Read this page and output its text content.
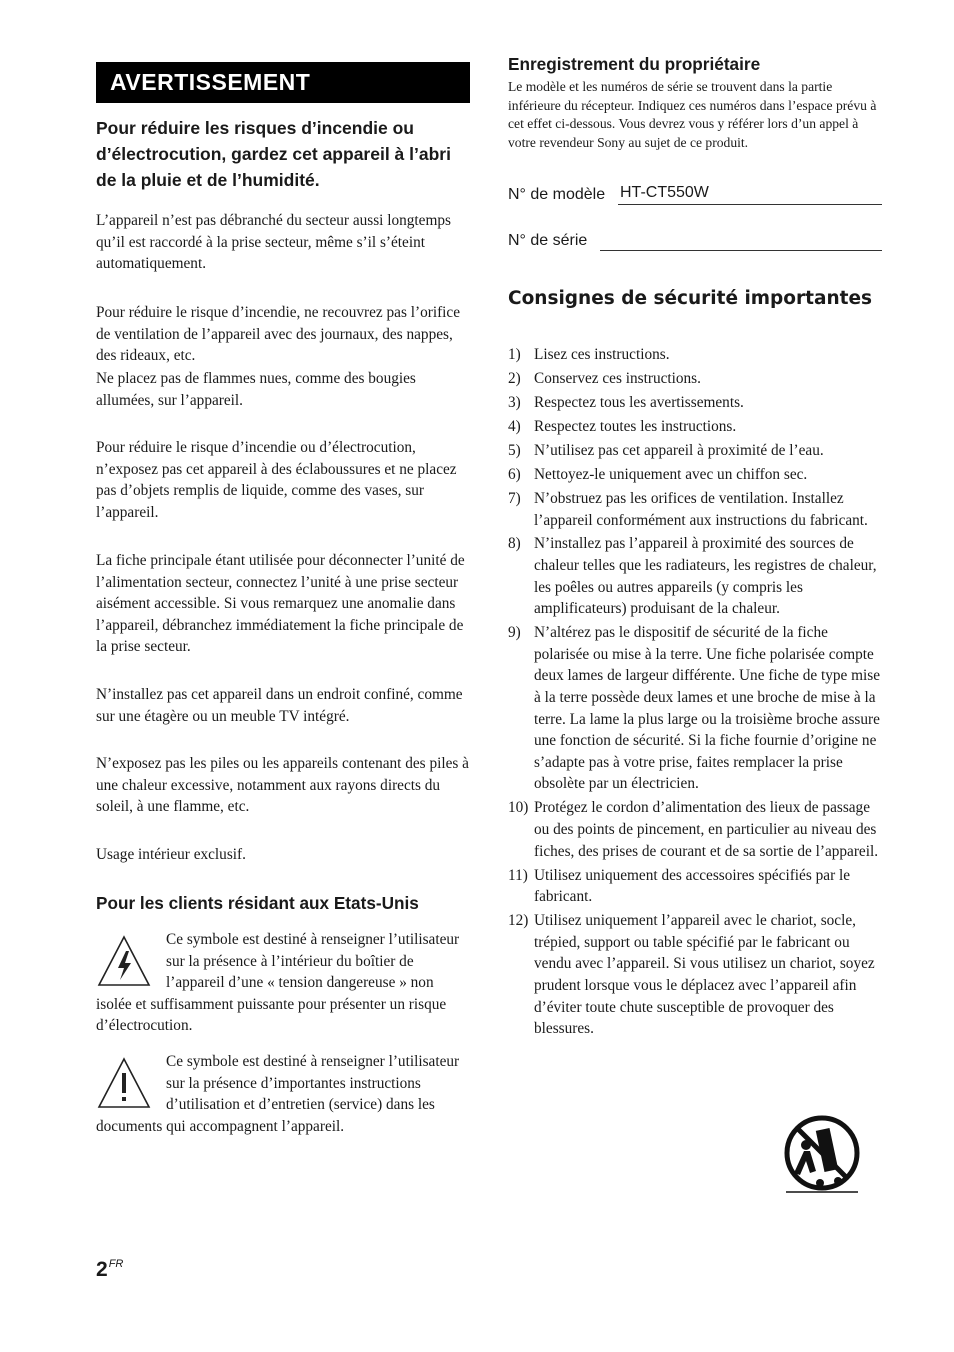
AVERTISSEMENT
Pour réduire les risques d’incendie ou d’électrocution, gardez cet appareil à l’abri de la pluie et de l’humidité.
L’appareil n’est pas débranché du secteur aussi longtemps qu’il est raccordé à la prise secteur, même s’il s’éteint automatiquement.
Pour réduire le risque d’incendie, ne recouvrez pas l’orifice de ventilation de l’appareil avec des journaux, des nappes, des rideaux, etc.
Ne placez pas de flammes nues, comme des bougies allumées, sur l’appareil.
Pour réduire le risque d’incendie ou d’électrocution, n’exposez pas cet appareil à des éclaboussures et ne placez pas d’objets remplis de liquide, comme des vases, sur l’appareil.
La fiche principale étant utilisée pour déconnecter l’unité de l’alimentation secteur, connectez l’unité à une prise secteur aisément accessible. Si vous remarquez une anomalie dans l’appareil, débranchez immédiatement la fiche principale de la prise secteur.
N’installez pas cet appareil dans un endroit confiné, comme sur une étagère ou un meuble TV intégré.
N’exposez pas les piles ou les appareils contenant des piles à une chaleur excessive, notamment aux rayons directs du soleil, à une flamme, etc.
Usage intérieur exclusif.
Pour les clients résidant aux Etats-Unis
Ce symbole est destiné à renseigner l’utilisateur sur la présence à l’intérieur du boîtier de l’appareil d’une « tension dangereuse » non isolée et suffisamment puissante pour présenter un risque d’électrocution.
Ce symbole est destiné à renseigner l’utilisateur sur la présence d’importantes instructions d’utilisation et d’entretien (service) dans les documents qui accompagnent l’appareil.
Enregistrement du propriétaire
Le modèle et les numéros de série se trouvent dans la partie inférieure du récepteur. Indiquez ces numéros dans l’espace prévu à cet effet ci-dessous. Vous devrez vous y référer lors d’un appel à votre revendeur Sony au sujet de ce produit.
N° de modèle HT-CT550W
N° de série
Consignes de sécurité importantes
1) Lisez ces instructions.
2) Conservez ces instructions.
3) Respectez tous les avertissements.
4) Respectez toutes les instructions.
5) N’utilisez pas cet appareil à proximité de l’eau.
6) Nettoyez-le uniquement avec un chiffon sec.
7) N’obstruez pas les orifices de ventilation. Installez l’appareil conformément aux instructions du fabricant.
8) N’installez pas l’appareil à proximité des sources de chaleur telles que les radiateurs, les registres de chaleur, les poêles ou autres appareils (y compris les amplificateurs) produisant de la chaleur.
9) N’altérez pas le dispositif de sécurité de la fiche polarisée ou mise à la terre. Une fiche polarisée compte deux lames de largeur différente. Une fiche de type mise à la terre possède deux lames et une broche de mise à la terre. La lame la plus large ou la troisième broche assure une fonction de sécurité. Si la fiche fournie d’origine ne s’adapte pas à votre prise, faites remplacer la prise obsolète par un électricien.
10) Protégez le cordon d’alimentation des lieux de passage ou des points de pincement, en particulier au niveau des fiches, des prises de courant et de sa sortie de l’appareil.
11) Utilisez uniquement des accessoires spécifiés par le fabricant.
12) Utilisez uniquement l’appareil avec le chariot, socle, trépied, support ou table spécifié par le fabricant ou vendu avec l’appareil. Si vous utilisez un chariot, soyez prudent lorsque vous le déplacez avec l’appareil afin d’éviter toute chute susceptible de provoquer des blessures.
$2^{FR}$
